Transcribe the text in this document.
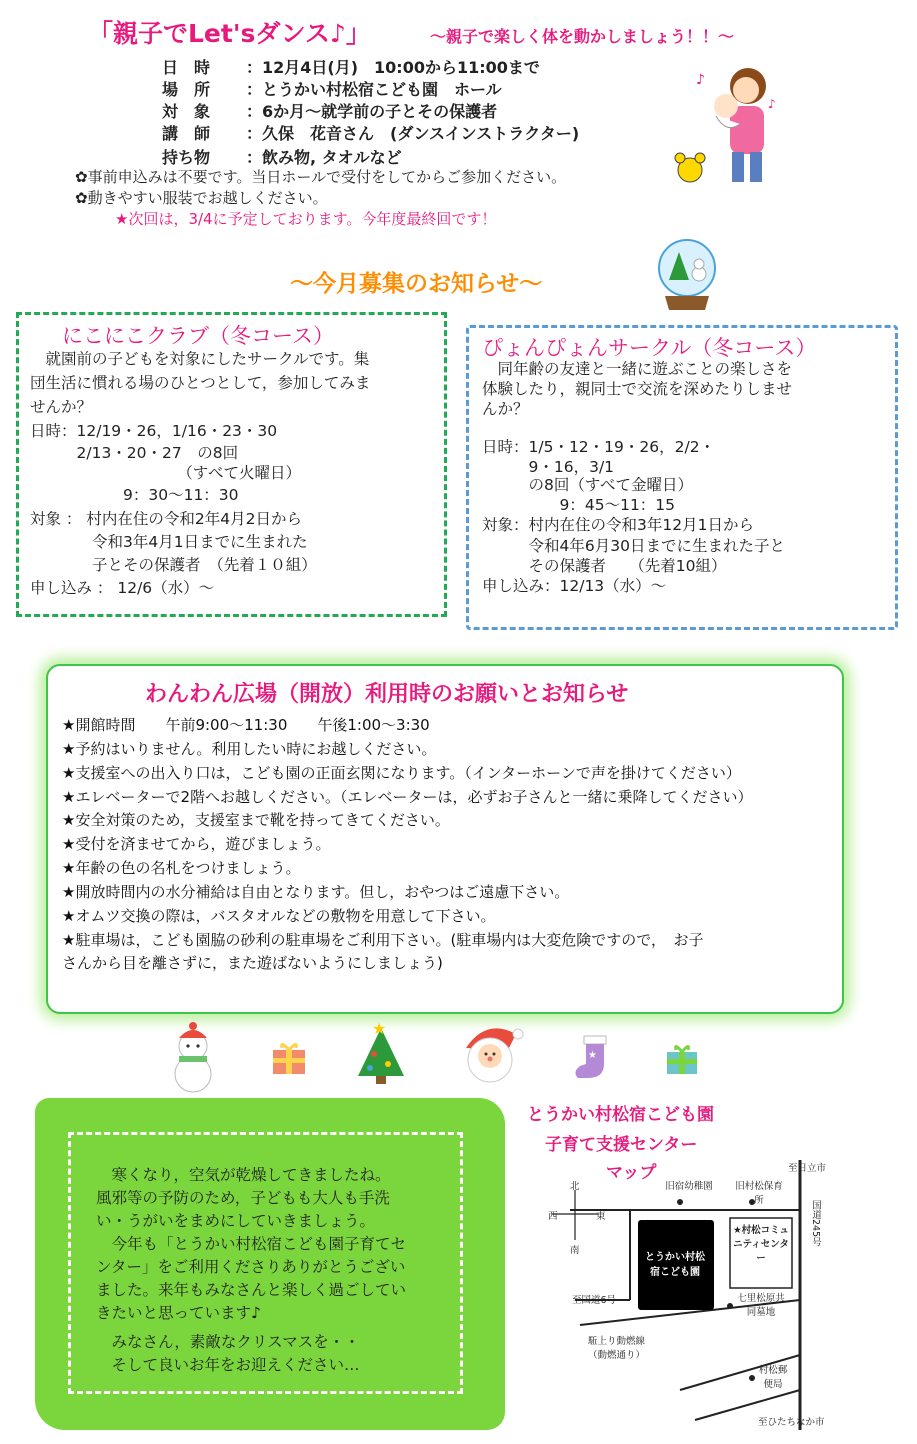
「親子でLet'sダンス♪」	～親子で楽しく体を動かしましょう！！～
日　時 ：12月4日(月)　10:00から11:00まで
場　所 ：とうかい村松宿こども園　ホール
対　象 ：6か月～就学前の子とその保護者
講　師 ：久保　花音さん　(ダンスインストラクター)
持ち物 ：飲み物, タオルなど
✿事前申込みは不要です。当日ホールで受付をしてからご参加ください。
✿動きやすい服装でお越しください。
★次回は，3/4に予定しております。今年度最終回です！
♪
♪
～今月募集のお知らせ～
にこにこクラブ（冬コース）
　就園前の子どもを対象にしたサークルです。集
団生活に慣れる場のひとつとして，参加してみま
せんか？
日時：12/19・26，1/16・23・30
　　　2/13・20・27　の8回
　　　　　　　　　　（すべて火曜日）
　　　　　　9：30～11：30
対象 ： 村内在住の令和2年4月2日から
　　　　令和3年4月1日までに生まれた
　　　　子とその保護者　（先着１０組）
申し込み ： 12/6（水）～
ぴょんぴょんサークル（冬コース）
　同年齢の友達と一緒に遊ぶことの楽しさを
体験したり，親同士で交流を深めたりしませ
んか？
日時：1/5・12・19・26，2/2・
　　　9・16，3/1
　　　の8回（すべて金曜日）
　　　　　9：45～11：15
対象：村内在住の令和3年12月1日から
　　　令和4年6月30日までに生まれた子と
　　　その保護者　　（先着10組）
申し込み：12/13（水）～
わんわん広場（開放）利用時のお願いとお知らせ
★開館時間　　午前9:00～11:30　　午後1:00～3:30
★予約はいりません。利用したい時にお越しください。
★支援室への出入り口は，こども園の正面玄関になります。（インターホーンで声を掛けてください）
★エレベーターで2階へお越しください。（エレベーターは，必ずお子さんと一緒に乗降してください）
★安全対策のため，支援室まで靴を持ってきてください。
★受付を済ませてから，遊びましょう。
★年齢の色の名札をつけましょう。
★開放時間内の水分補給は自由となります。但し，おやつはご遠慮下さい。
★オムツ交換の際は，バスタオルなどの敷物を用意して下さい。
★駐車場は，こども園脇の砂利の駐車場をご利用下さい。(駐車場内は大変危険ですので，　お子
さんから目を離さずに，また遊ばないようにしましょう)
★
★
　寒くなり，空気が乾燥してきましたね。
風邪等の予防のため，子どもも大人も手洗
い・うがいをまめにしていきましょう。
　今年も「とうかい村松宿こども園子育てセ
ンター」をご利用くださりありがとうござい
ました。来年もみなさんと楽しく過ごしてい
きたいと思っています♪
　みなさん，素敵なクリスマスを・・
　そして良いお年をお迎えください…
とうかい村松宿こども園
子育て支援センター
マップ
北
南
西	東
至日立市
至ひたちなか市
至国道6号
国道245号
旧宿幼稚園 旧村松保育所
とうかい村松宿こども園
★村松コミュニティセンター
七里松原共同墓地
駈上り動燃線（動燃通り）
村松郵便局
